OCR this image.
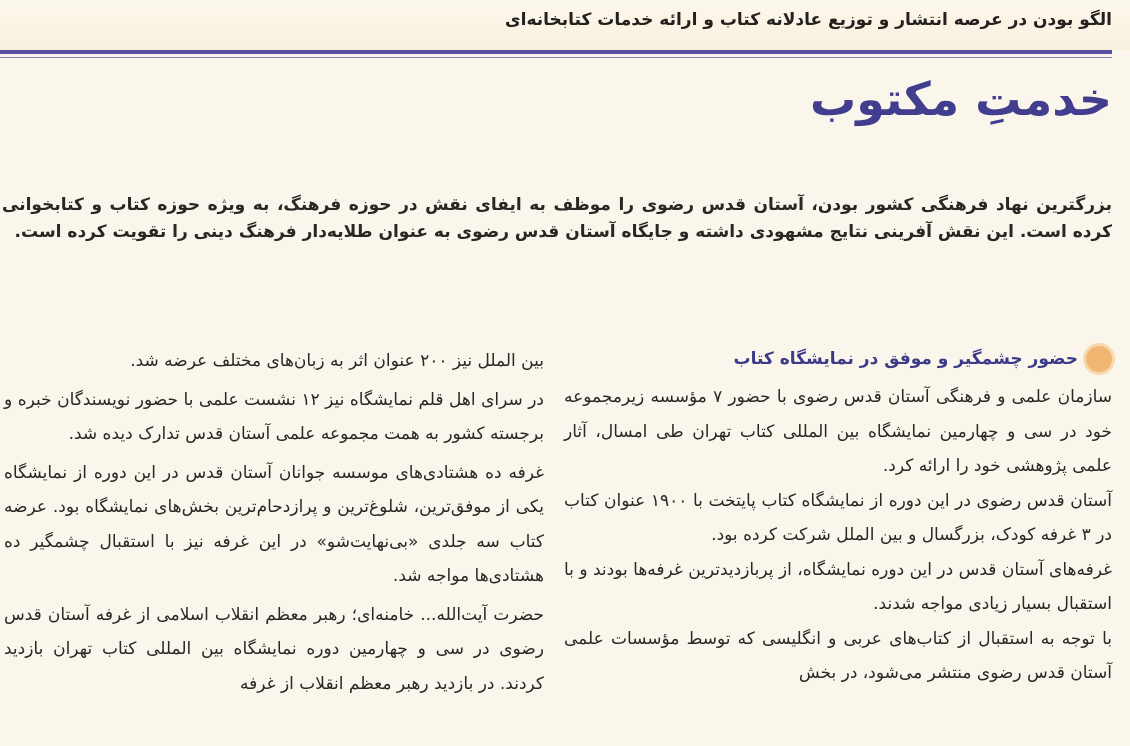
الگو بودن در عرصه انتشار و توزیع عادلانه کتاب و ارائه خدمات کتابخانه‌ای
خدمتِ مکتوب

بزرگترین نهاد فرهنگی کشور بودن، آستان قدس رضوی را موظف به ایفای نقش در حوزه فرهنگ، به ویژه حوزه کتاب و کتابخوانی کرده است. این نقش آفرینی نتایج مشهودی داشته و جایگاه آستان قدس رضوی به عنوان طلایه‌دار فرهنگ دینی را تقویت کرده است.

حضور چشمگیر و موفق در نمایشگاه کتاب

سازمان علمی و فرهنگی آستان قدس رضوی با حضور ۷ مؤسسه زیرمجموعه خود در سی و چهارمین نمایشگاه بین المللی کتاب تهران طی امسال، آثار علمی پژوهشی خود را ارائه کرد.

آستان قدس رضوی در این دوره از نمایشگاه کتاب پایتخت با ۱۹۰۰ عنوان کتاب در ۳ غرفه کودک، بزرگسال و بین الملل شرکت کرده بود.

غرفه‌های آستان قدس در این دوره نمایشگاه، از پربازدیدترین غرفه‌ها بودند و با استقبال بسیار زیادی مواجه شدند.

با توجه به استقبال از کتاب‌های عربی و انگلیسی که توسط مؤسسات علمی آستان قدس رضوی منتشر می‌شود، در بخش

بین الملل نیز ۲۰۰ عنوان اثر به زبان‌های مختلف عرضه شد.

در سرای اهل قلم نمایشگاه نیز ۱۲ نشست علمی با حضور نویسندگان خبره و برجسته کشور به همت مجموعه علمی آستان قدس تدارک دیده شد.

غرفه ده هشتادی‌های موسسه جوانان آستان قدس در این دوره از نمایشگاه یکی از موفق‌ترین، شلوغ‌ترین و پرازدحام‌ترین بخش‌های نمایشگاه بود. عرضه کتاب سه جلدی «بی‌نهایت‌شو» در این غرفه نیز با استقبال چشمگیر ده هشتادی‌ها مواجه شد.

حضرت آیت‌الله... خامنه‌ای؛ رهبر معظم انقلاب اسلامی از غرفه آستان قدس رضوی در سی و چهارمین دوره نمایشگاه بین المللی کتاب تهران بازدید کردند. در بازدید رهبر معظم انقلاب از غرفه
